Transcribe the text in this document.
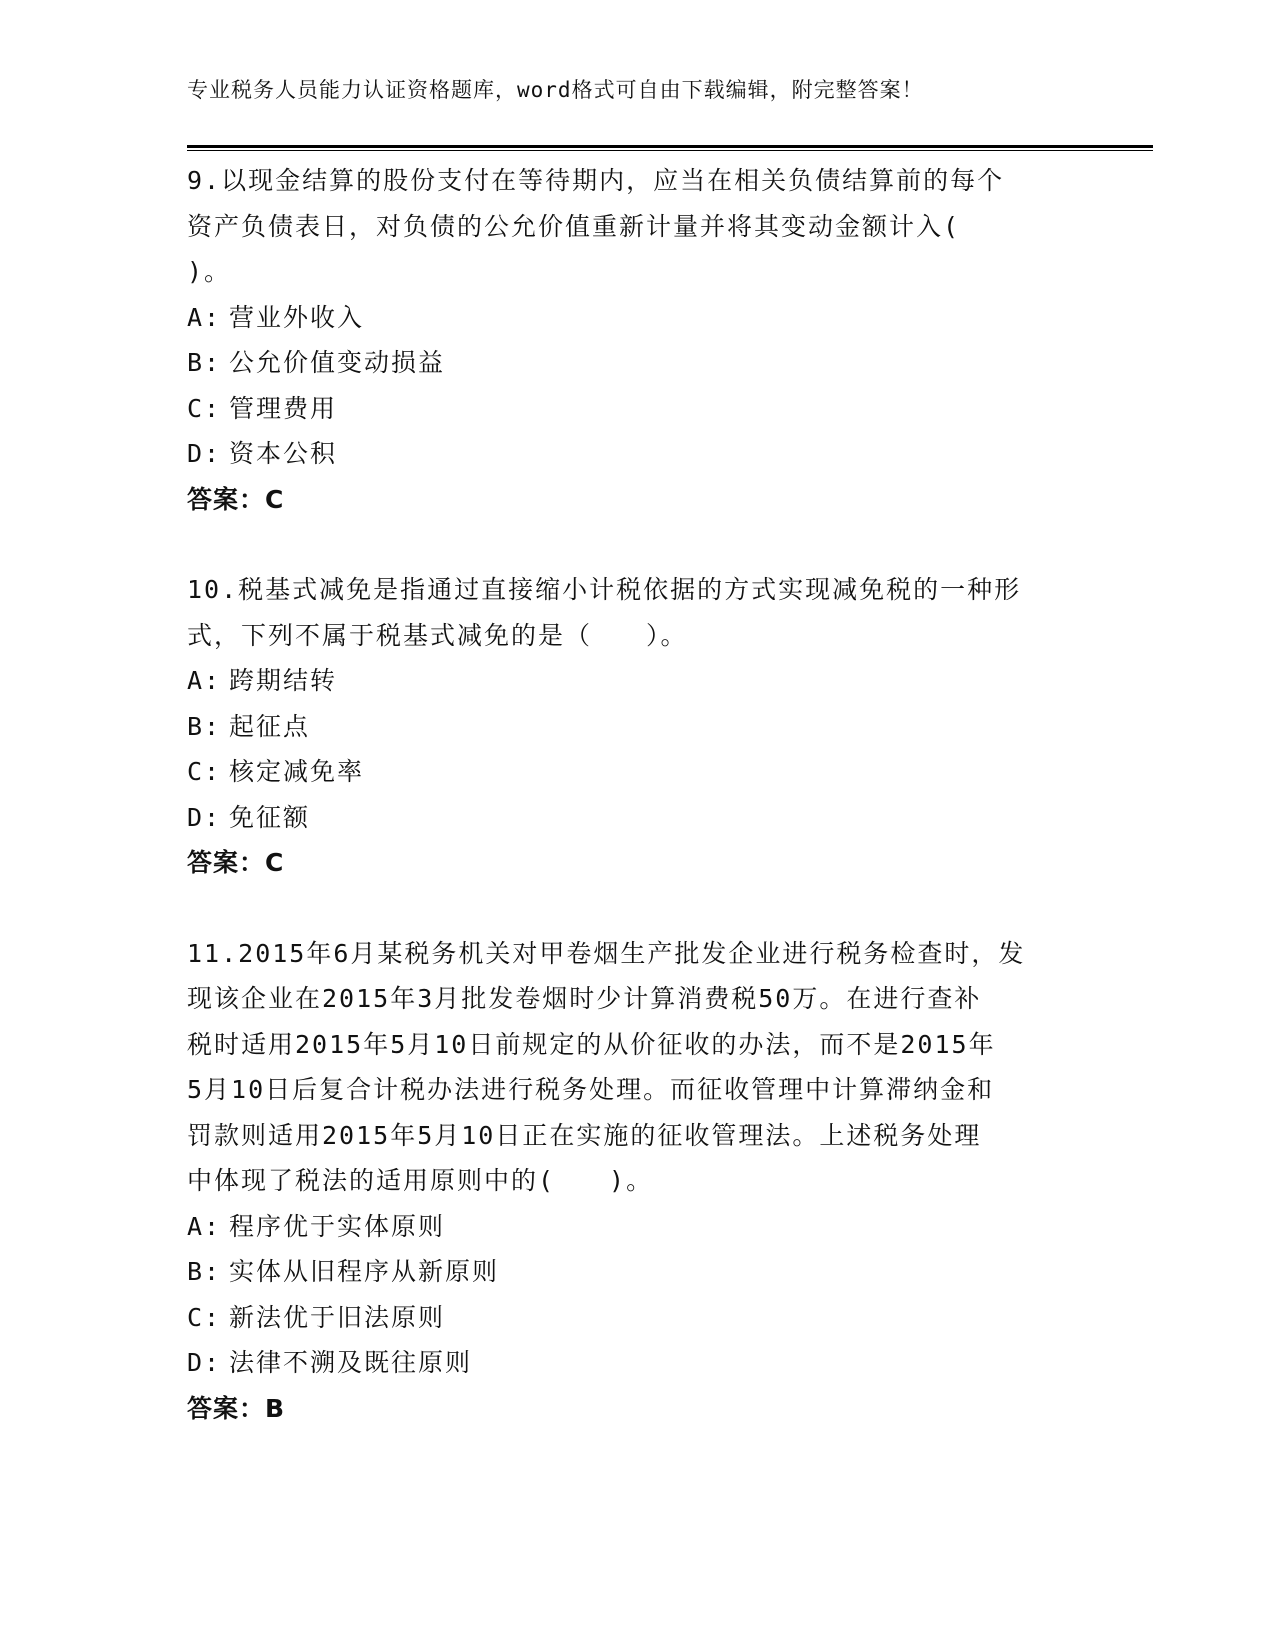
专业税务人员能力认证资格题库，word格式可自由下载编辑，附完整答案！

9.以现金结算的股份支付在等待期内，应当在相关负债结算前的每个

资产负债表日，对负债的公允价值重新计量并将其变动金额计入(

)。

A: 营业外收入

B: 公允价值变动损益

C: 管理费用

D: 资本公积

答案：C

10.税基式减免是指通过直接缩小计税依据的方式实现减免税的一种形

式，下列不属于税基式减免的是（　　）。

A: 跨期结转

B: 起征点

C: 核定减免率

D: 免征额

答案：C

11.2015年6月某税务机关对甲卷烟生产批发企业进行税务检查时，发

现该企业在2015年3月批发卷烟时少计算消费税50万。在进行查补

税时适用2015年5月10日前规定的从价征收的办法，而不是2015年

5月10日后复合计税办法进行税务处理。而征收管理中计算滞纳金和

罚款则适用2015年5月10日正在实施的征收管理法。上述税务处理

中体现了税法的适用原则中的(　　)。

A: 程序优于实体原则

B: 实体从旧程序从新原则

C: 新法优于旧法原则

D: 法律不溯及既往原则

答案：B
